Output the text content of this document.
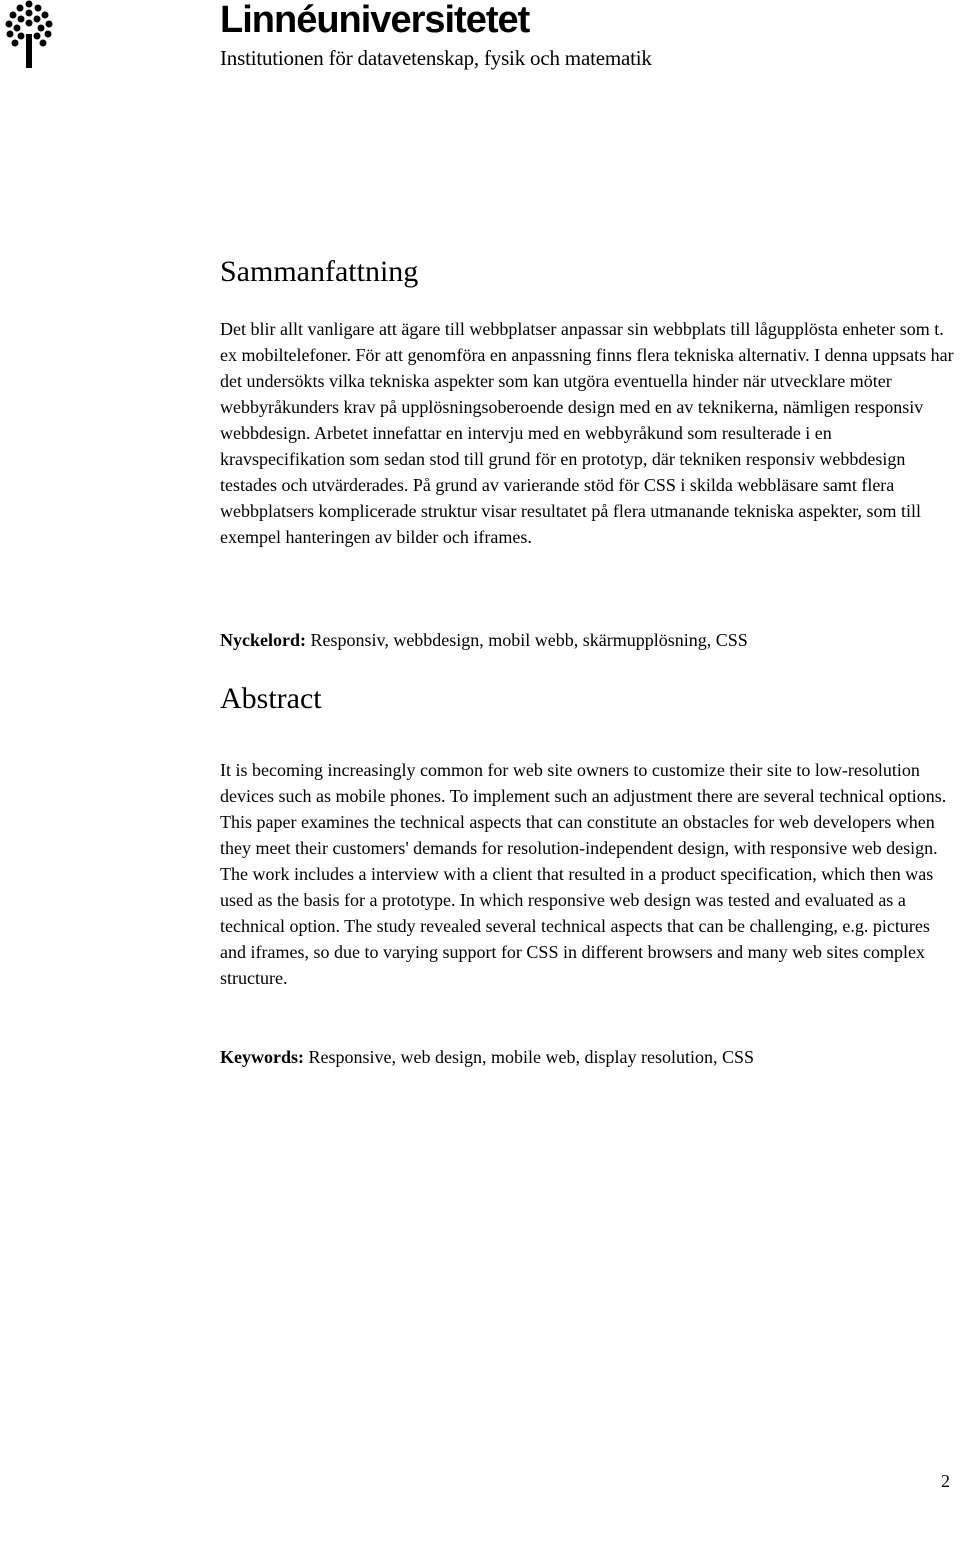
Linnéuniversitetet
Institutionen för datavetenskap, fysik och matematik
Sammanfattning

Det blir allt vanligare att ägare till webbplatser anpassar sin webbplats till lågupplösta enheter som t. ex mobiltelefoner. För att genomföra en anpassning finns flera tekniska alternativ. I denna uppsats har det undersökts vilka tekniska aspekter som kan utgöra eventuella hinder när utvecklare möter webbyråkunders krav på upplösningsoberoende design med en av teknikerna, nämligen responsiv webbdesign. Arbetet innefattar en intervju med en webbyråkund som resulterade i en kravspecifikation som sedan stod till grund för en prototyp, där tekniken responsiv webbdesign testades och utvärderades. På grund av varierande stöd för CSS i skilda webbläsare samt flera webbplatsers komplicerade struktur visar resultatet på flera utmanande tekniska aspekter, som till exempel hanteringen av bilder och iframes.

Nyckelord: Responsiv, webbdesign, mobil webb, skärmupplösning, CSS

Abstract

It is becoming increasingly common for web site owners to customize their site to low-resolution devices such as mobile phones. To implement such an adjustment there are several technical options. This paper examines the technical aspects that can constitute an obstacles for web developers when they meet their customers' demands for resolution-independent design, with responsive web design. The work includes a interview with a client that resulted in a product specification, which then was used as the basis for a prototype. In which responsive web design was tested and evaluated as a technical option. The study revealed several technical aspects that can be challenging, e.g. pictures and iframes, so due to varying support for CSS in different browsers and many web sites complex structure.

Keywords: Responsive, web design, mobile web, display resolution, CSS

2
